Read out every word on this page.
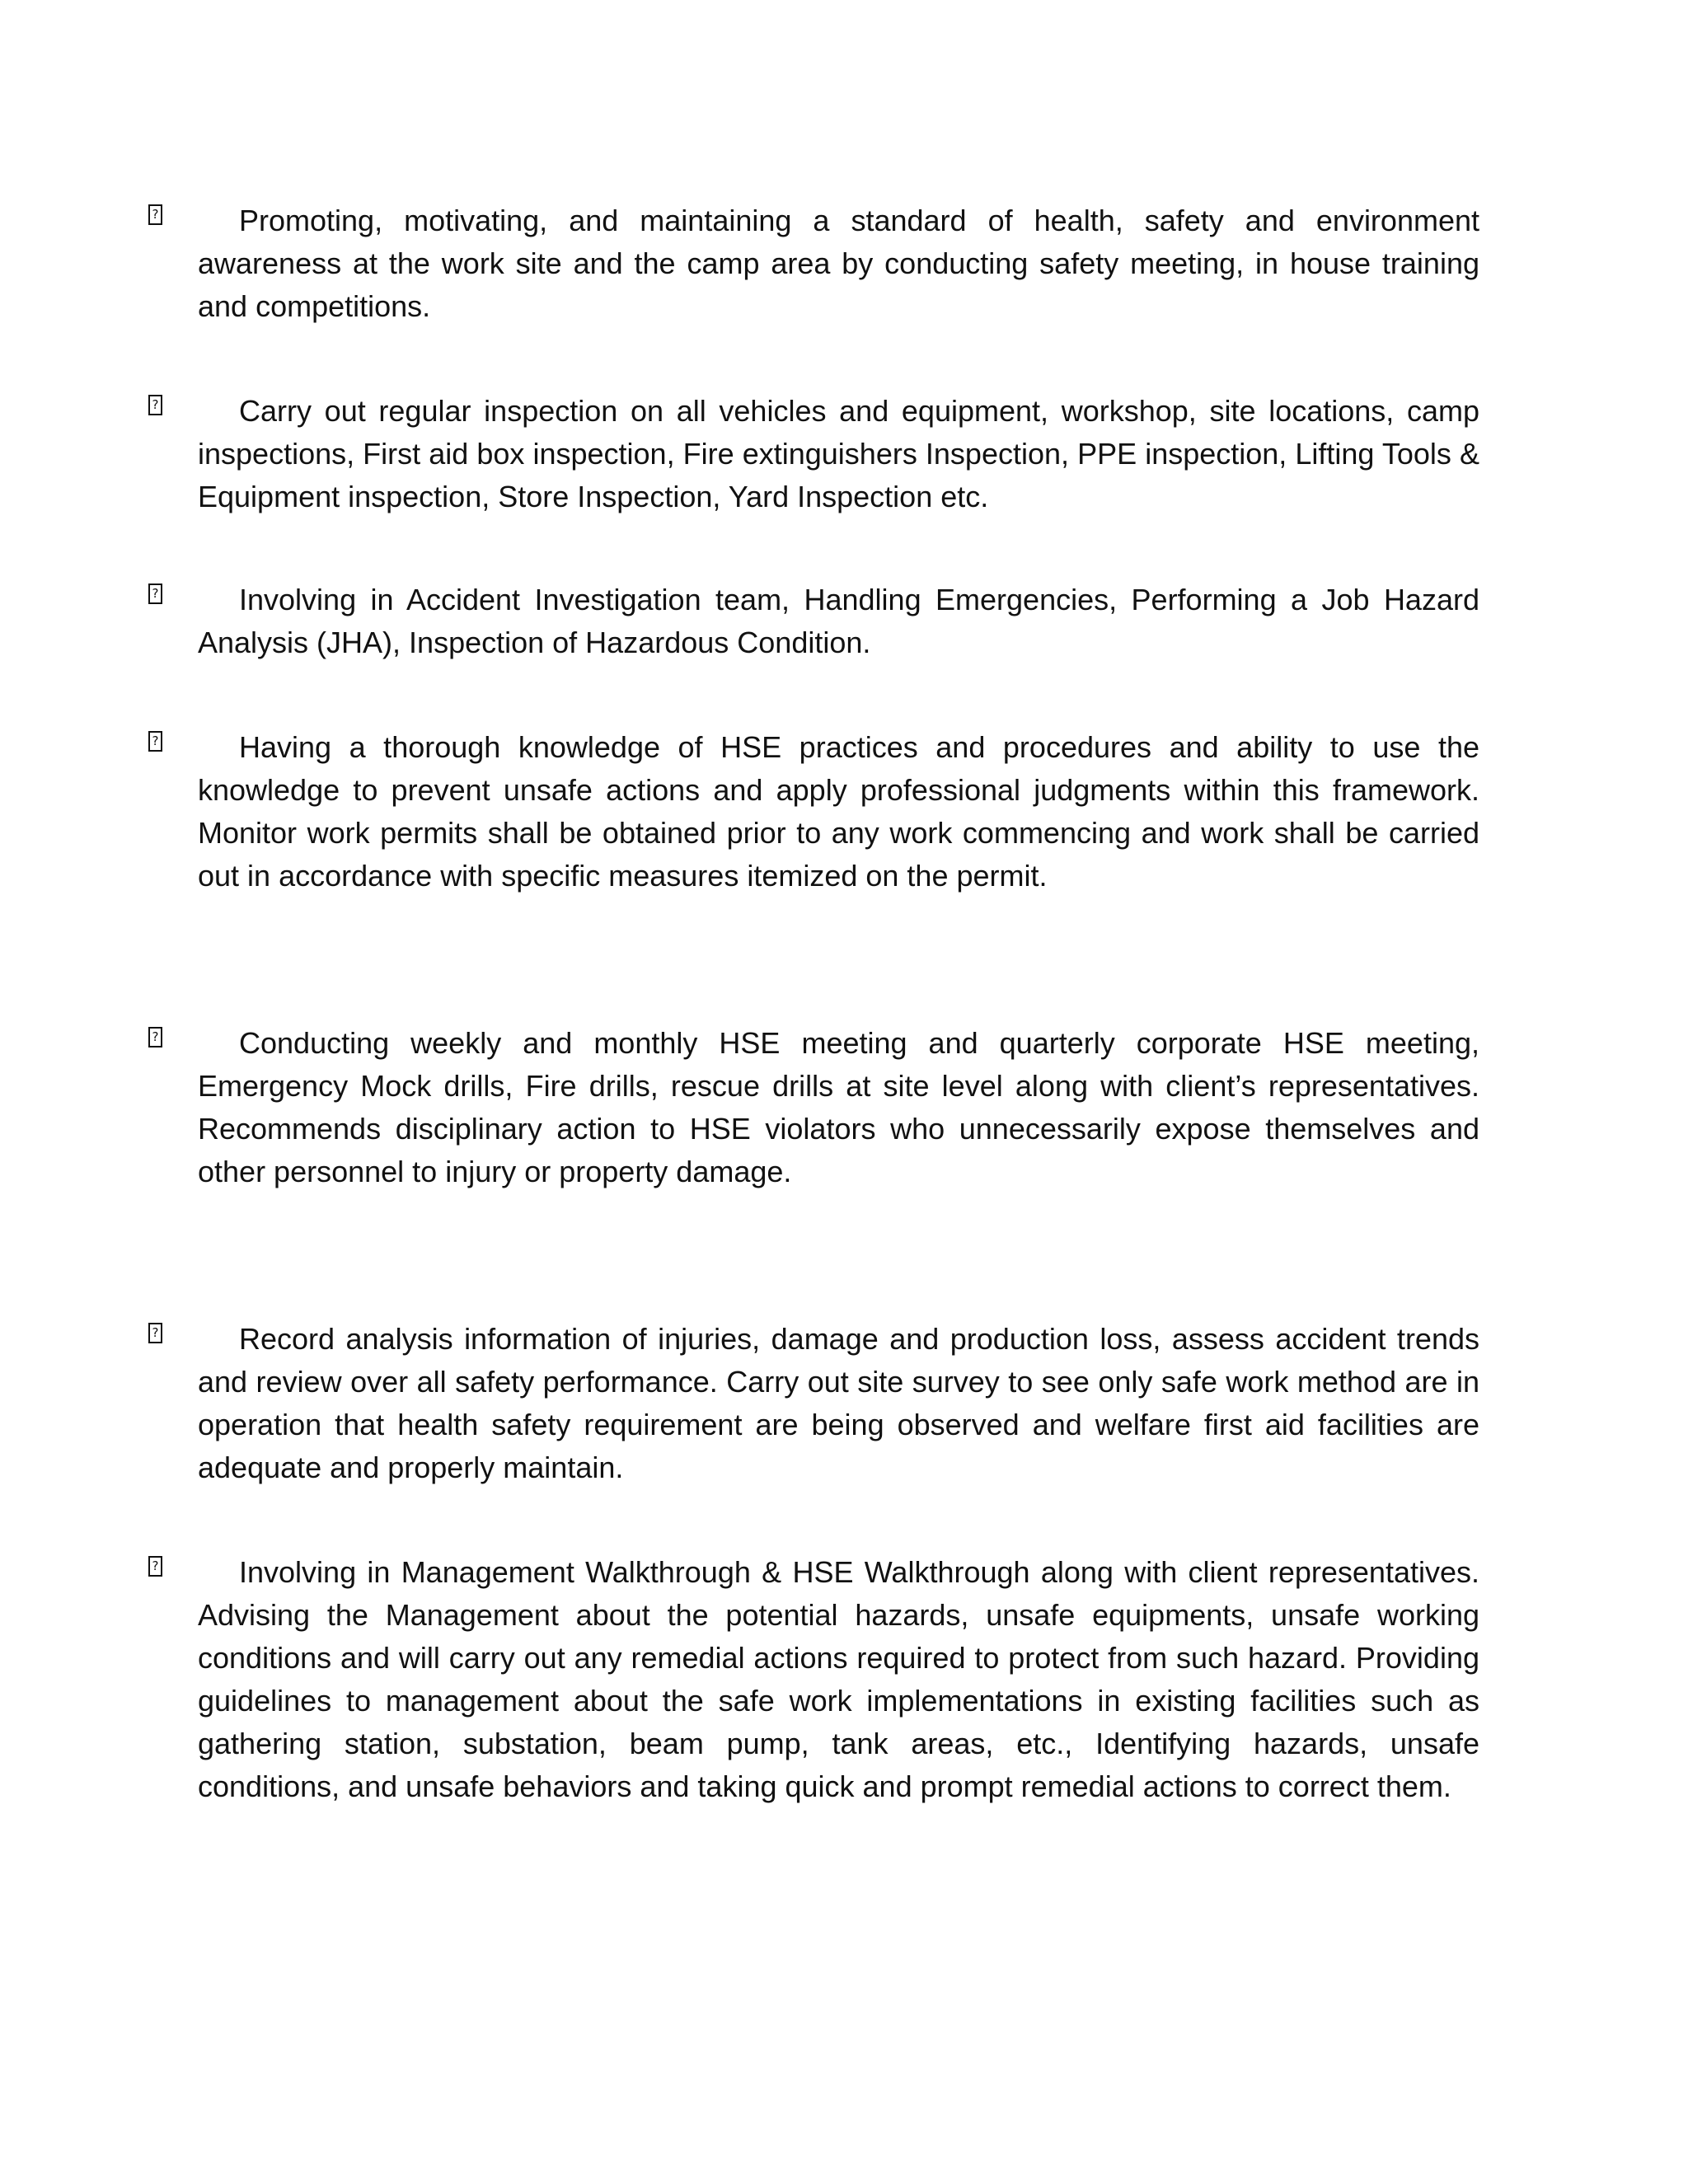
?	Promoting, motivating, and maintaining a standard of health, safety and environment awareness at the work site and the camp area by conducting safety meeting, in house training and competitions.
?	Carry out regular inspection on all vehicles and equipment, workshop, site locations, camp inspections, First aid box inspection, Fire extinguishers Inspection, PPE inspection, Lifting Tools & Equipment inspection, Store Inspection, Yard Inspection etc.
?	Involving in Accident Investigation team, Handling Emergencies, Performing a Job Hazard Analysis (JHA), Inspection of Hazardous Condition.
?	Having a thorough knowledge of HSE practices and procedures and ability to use the knowledge to prevent unsafe actions and apply professional judgments within this framework. Monitor work permits shall be obtained prior to any work commencing and work shall be carried out in accordance with specific measures itemized on the permit.
?	Conducting weekly and monthly HSE meeting and quarterly corporate HSE meeting, Emergency Mock drills, Fire drills, rescue drills at site level along with client’s representatives. Recommends disciplinary action to HSE violators who unnecessarily expose themselves and other personnel to injury or property damage.
?	Record analysis information of injuries, damage and production loss, assess accident trends and review over all safety performance. Carry out site survey to see only safe work method are in operation that health safety requirement are being observed and welfare first aid facilities are adequate and properly maintain.
?	Involving in Management Walkthrough & HSE Walkthrough along with client representatives. Advising the Management about the potential hazards, unsafe equipments, unsafe working conditions and will carry out any remedial actions required to protect from such hazard. Providing guidelines to management about the safe work implementations in existing facilities such as gathering station, substation, beam pump, tank areas, etc., Identifying hazards, unsafe conditions, and unsafe behaviors and taking quick and prompt remedial actions to correct them.
